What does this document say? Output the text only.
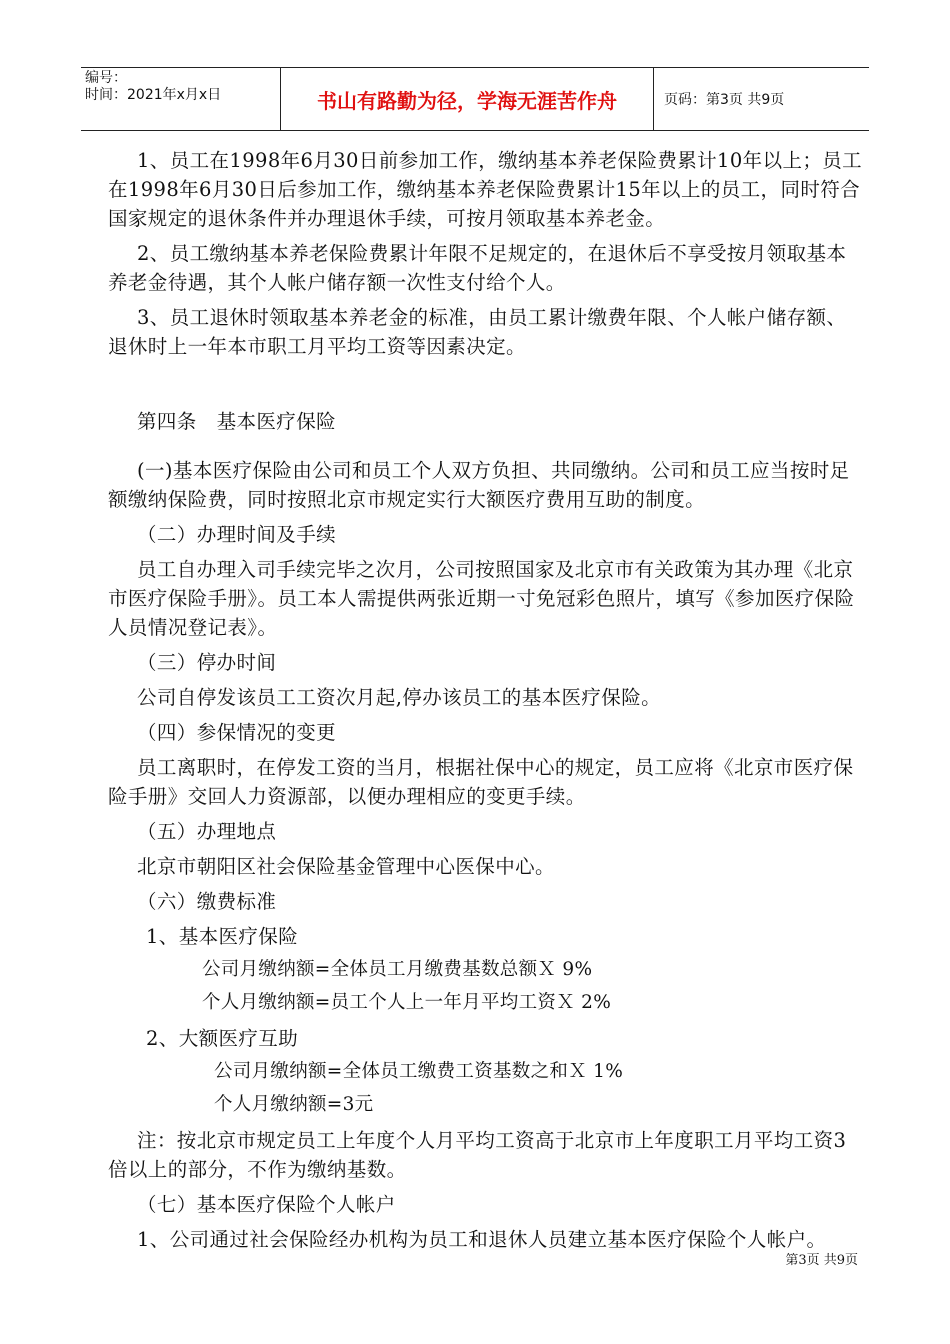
编号：
时间：2021年x月x日	书山有路勤为径，学海无涯苦作舟	页码：第3页 共9页

1、员工在1998年6月30日前参加工作，缴纳基本养老保险费累计10年以上；员工在1998年6月30日后参加工作，缴纳基本养老保险费累计15年以上的员工，同时符合国家规定的退休条件并办理退休手续，可按月领取基本养老金。

2、员工缴纳基本养老保险费累计年限不足规定的，在退休后不享受按月领取基本养老金待遇，其个人帐户储存额一次性支付给个人。

3、员工退休时领取基本养老金的标准，由员工累计缴费年限、个人帐户储存额、退休时上一年本市职工月平均工资等因素决定。

第四条　基本医疗保险

(一)基本医疗保险由公司和员工个人双方负担、共同缴纳。公司和员工应当按时足额缴纳保险费，同时按照北京市规定实行大额医疗费用互助的制度。

（二）办理时间及手续

员工自办理入司手续完毕之次月，公司按照国家及北京市有关政策为其办理《北京市医疗保险手册》。员工本人需提供两张近期一寸免冠彩色照片，填写《参加医疗保险人员情况登记表》。

（三）停办时间

公司自停发该员工工资次月起,停办该员工的基本医疗保险。

（四）参保情况的变更

员工离职时，在停发工资的当月，根据社保中心的规定，员工应将《北京市医疗保险手册》交回人力资源部，以便办理相应的变更手续。

（五）办理地点

北京市朝阳区社会保险基金管理中心医保中心。

（六）缴费标准

1、基本医疗保险

公司月缴纳额=全体员工月缴费基数总额Ｘ 9%

个人月缴纳额=员工个人上一年月平均工资Ｘ 2%

2、大额医疗互助

公司月缴纳额=全体员工缴费工资基数之和Ｘ 1%

个人月缴纳额=3元

注：按北京市规定员工上年度个人月平均工资高于北京市上年度职工月平均工资3倍以上的部分，不作为缴纳基数。

（七）基本医疗保险个人帐户

1、公司通过社会保险经办机构为员工和退休人员建立基本医疗保险个人帐户。

第3页 共9页
